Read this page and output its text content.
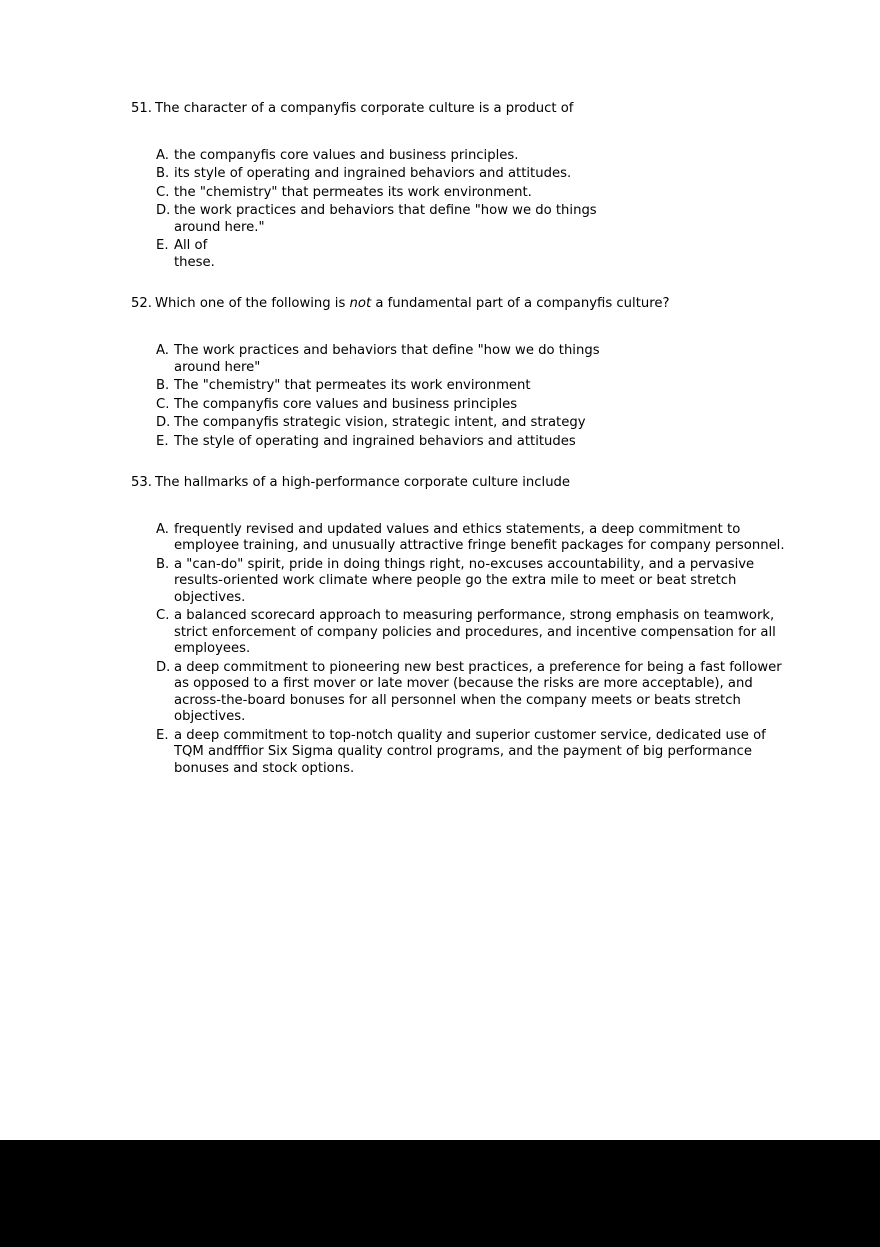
51. The character of a companyfis corporate culture is a product of
A. the companyfis core values and business principles.
B. its style of operating and ingrained behaviors and attitudes.
C. the "chemistry" that permeates its work environment.
D. the work practices and behaviors that define "how we do things around here."
E. All of these.
52. Which one of the following is not a fundamental part of a companyfis culture?
A. The work practices and behaviors that define "how we do things around here"
B. The "chemistry" that permeates its work environment
C. The companyfis core values and business principles
D. The companyfis strategic vision, strategic intent, and strategy
E. The style of operating and ingrained behaviors and attitudes
53. The hallmarks of a high-performance corporate culture include
A. frequently revised and updated values and ethics statements, a deep commitment to employee training, and unusually attractive fringe benefit packages for company personnel.
B. a "can-do" spirit, pride in doing things right, no-excuses accountability, and a pervasive results-oriented work climate where people go the extra mile to meet or beat stretch objectives.
C. a balanced scorecard approach to measuring performance, strong emphasis on teamwork, strict enforcement of company policies and procedures, and incentive compensation for all employees.
D. a deep commitment to pioneering new best practices, a preference for being a fast follower as opposed to a first mover or late mover (because the risks are more acceptable), and across-the-board bonuses for all personnel when the company meets or beats stretch objectives.
E. a deep commitment to top-notch quality and superior customer service, dedicated use of TQM andfffior Six Sigma quality control programs, and the payment of big performance bonuses and stock options.
